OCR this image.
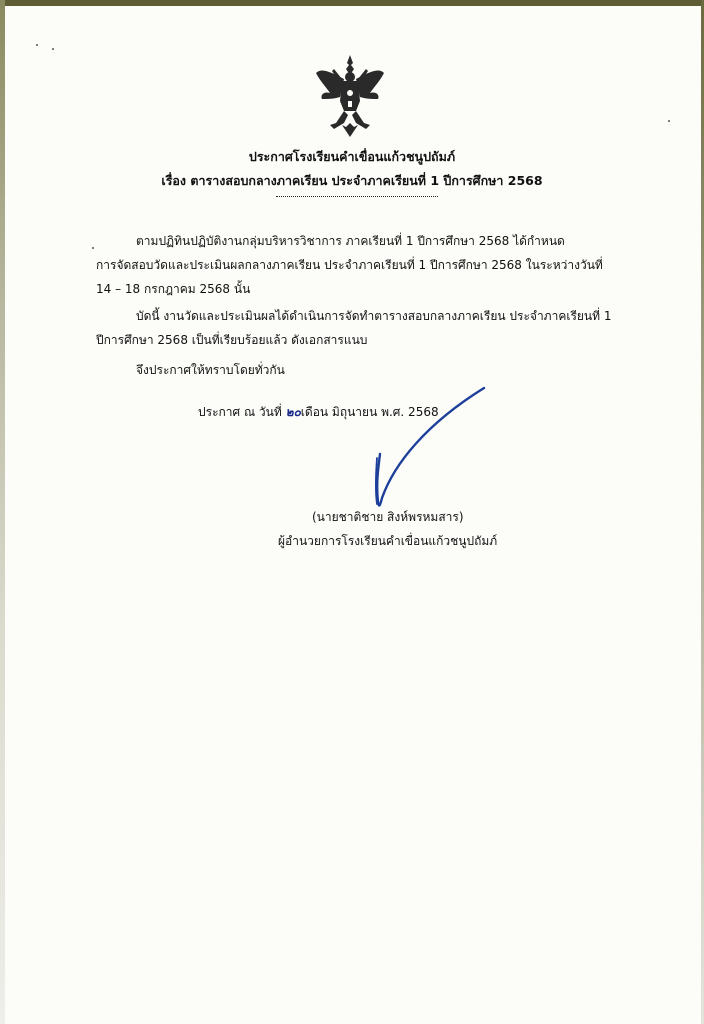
ประกาศโรงเรียนคำเขื่อนแก้วชนูปถัมภ์
เรื่อง ตารางสอบกลางภาคเรียน ประจำภาคเรียนที่ 1 ปีการศึกษา 2568
ตามปฏิทินปฏิบัติงานกลุ่มบริหารวิชาการ ภาคเรียนที่ 1 ปีการศึกษา 2568 ได้กำหนด
การจัดสอบวัดและประเมินผลกลางภาคเรียน ประจำภาคเรียนที่ 1 ปีการศึกษา 2568 ในระหว่างวันที่
14 – 18 กรกฎาคม 2568 นั้น
บัดนี้ งานวัดและประเมินผลได้ดำเนินการจัดทำตารางสอบกลางภาคเรียน ประจำภาคเรียนที่ 1
ปีการศึกษา 2568 เป็นที่เรียบร้อยแล้ว ดังเอกสารแนบ
จึงประกาศให้ทราบโดยทั่วกัน
ประกาศ ณ วันที่ ๒๐เดือน มิถุนายน พ.ศ. 2568
(นายชาติชาย สิงห์พรหมสาร)
ผู้อำนวยการโรงเรียนคำเขื่อนแก้วชนูปถัมภ์
